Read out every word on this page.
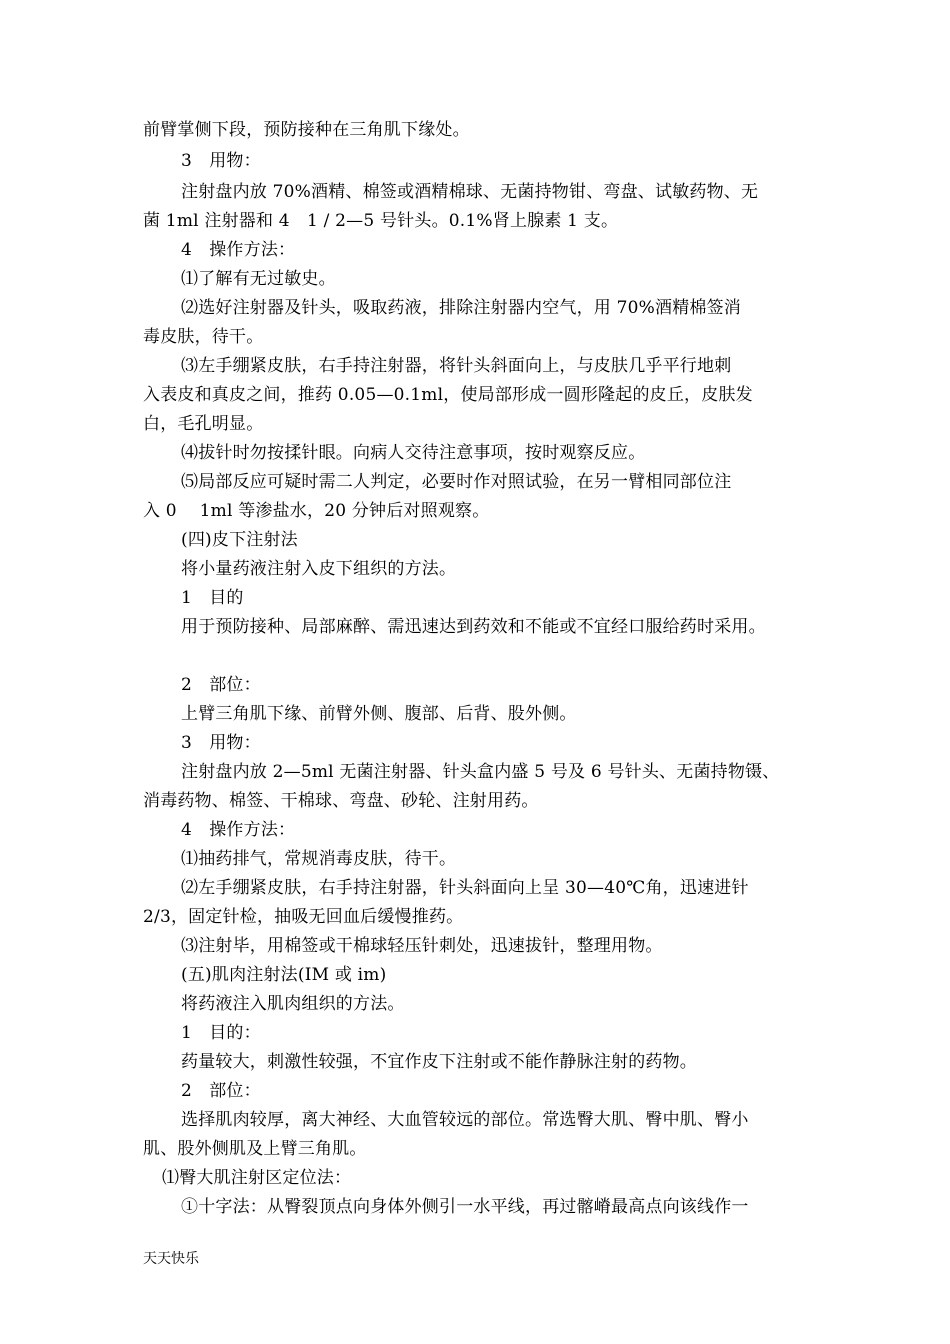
前臂掌侧下段，预防接种在三角肌下缘处。
3　用物：
注射盘内放 70%酒精、棉签或酒精棉球、无菌持物钳、弯盘、试敏药物、无
菌 1ml 注射器和 4　1 / 2—5 号针头。0.1%肾上腺素 1 支。
4　操作方法：
⑴了解有无过敏史。
⑵选好注射器及针头，吸取药液，排除注射器内空气，用 70%酒精棉签消
毒皮肤，待干。
⑶左手绷紧皮肤，右手持注射器，将针头斜面向上，与皮肤几乎平行地刺
入表皮和真皮之间，推药 0.05—0.1ml，使局部形成一圆形隆起的皮丘，皮肤发
白，毛孔明显。
⑷拔针时勿按揉针眼。向病人交待注意事项，按时观察反应。
⑸局部反应可疑时需二人判定，必要时作对照试验，在另一臂相同部位注
入 0　 1ml 等渗盐水，20 分钟后对照观察。
(四)皮下注射法
将小量药液注射入皮下组织的方法。
1　目的
用于预防接种、局部麻醉、需迅速达到药效和不能或不宜经口服给药时采用。
2　部位：
上臂三角肌下缘、前臂外侧、腹部、后背、股外侧。
3　用物：
注射盘内放 2—5ml 无菌注射器、针头盒内盛 5 号及 6 号针头、无菌持物镊、
消毒药物、棉签、干棉球、弯盘、砂轮、注射用药。
4　操作方法：
⑴抽药排气，常规消毒皮肤，待干。
⑵左手绷紧皮肤，右手持注射器，针头斜面向上呈 30—40℃角，迅速进针
2/3，固定针检，抽吸无回血后缓慢推药。
⑶注射毕，用棉签或干棉球轻压针刺处，迅速拔针，整理用物。
(五)肌肉注射法(IM 或 im)
将药液注入肌肉组织的方法。
1　目的：
药量较大，刺激性较强，不宜作皮下注射或不能作静脉注射的药物。
2　部位：
选择肌肉较厚，离大神经、大血管较远的部位。常选臀大肌、臀中肌、臀小
肌、股外侧肌及上臂三角肌。
⑴臀大肌注射区定位法：
①十字法：从臀裂顶点向身体外侧引一水平线，再过髂嵴最高点向该线作一
天天快乐
